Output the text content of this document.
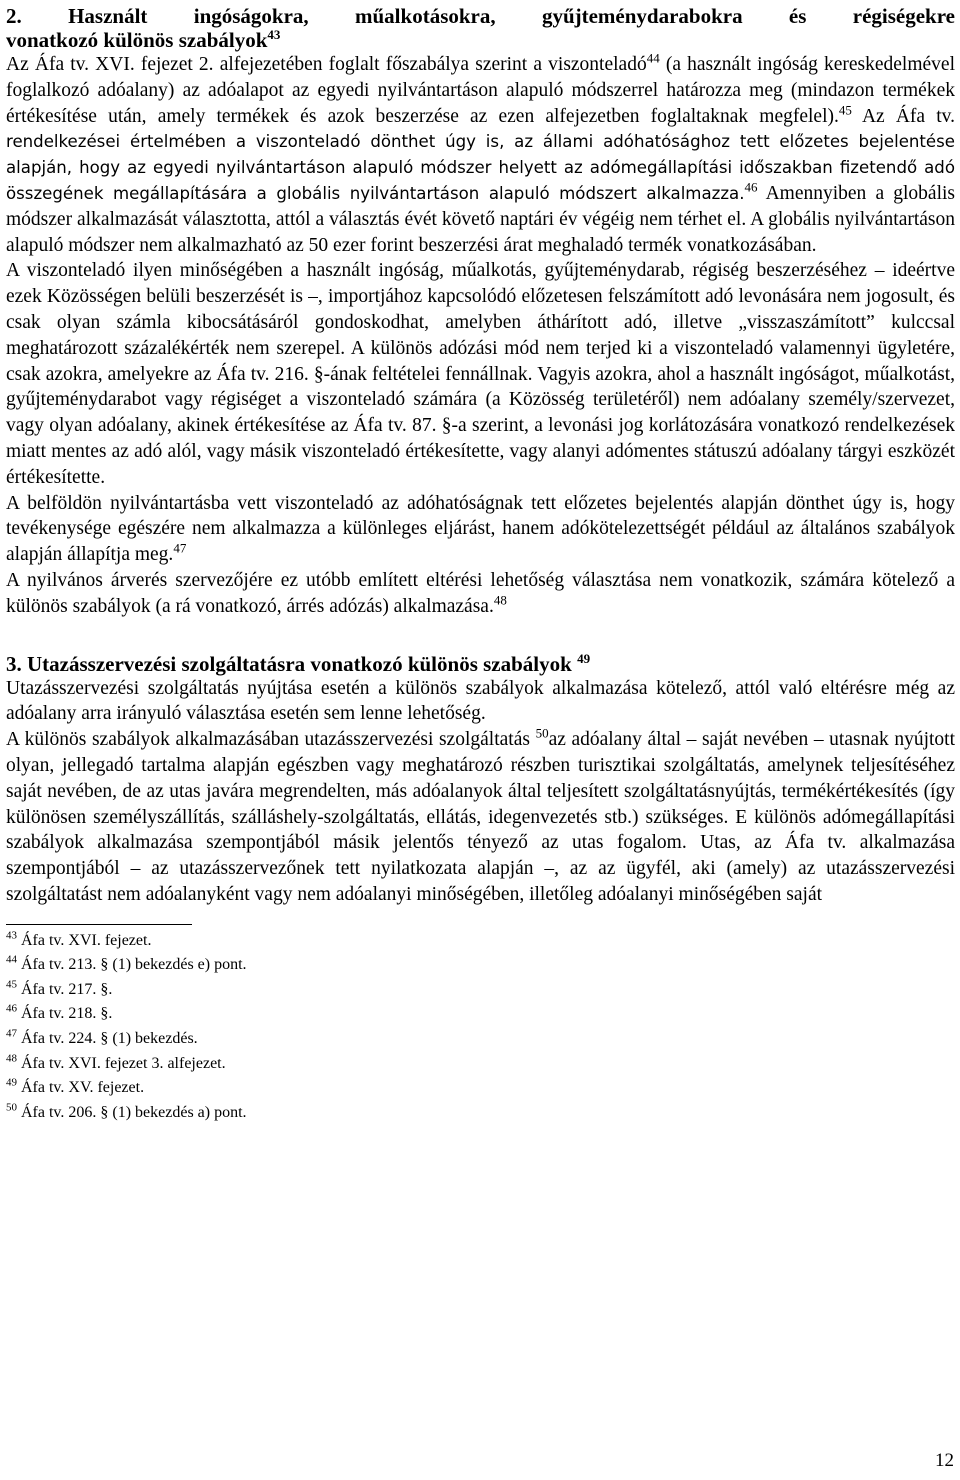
2. Használt ingóságokra, műalkotásokra, gyűjteménydarabokra és régiségekre
vonatkozó különös szabályok$^{43}$

Az Áfa tv. XVI. fejezet 2. alfejezetében foglalt főszabálya szerint a viszonteladó$^{44}$ (a használt ingóság kereskedelmével foglalkozó adóalany) az adóalapot az egyedi nyilvántartáson alapuló módszerrel határozza meg (mindazon termékek értékesítése után, amely termékek és azok beszerzése az ezen alfejezetben foglaltaknak megfelel).$^{45}$ Az Áfa tv. rendelkezései értelmében a viszonteladó dönthet úgy is, az állami adóhatósághoz tett előzetes bejelentése alapján, hogy az egyedi nyilvántartáson alapuló módszer helyett az adómegállapítási időszakban fizetendő adó összegének megállapítására a globális nyilvántartáson alapuló módszert alkalmazza.$^{46}$ Amennyiben a globális módszer alkalmazását választotta, attól a választás évét követő naptári év végéig nem térhet el. A globális nyilvántartáson alapuló módszer nem alkalmazható az 50 ezer forint beszerzési árat meghaladó termék vonatkozásában.

A viszonteladó ilyen minőségében a használt ingóság, műalkotás, gyűjteménydarab, régiség beszerzéséhez – ideértve ezek Közösségen belüli beszerzését is –, importjához kapcsolódó előzetesen felszámított adó levonására nem jogosult, és csak olyan számla kibocsátásáról gondoskodhat, amelyben áthárított adó, illetve „visszaszámított” kulccsal meghatározott százalékérték nem szerepel. A különös adózási mód nem terjed ki a viszonteladó valamennyi ügyletére, csak azokra, amelyekre az Áfa tv. 216. §-ának feltételei fennállnak. Vagyis azokra, ahol a használt ingóságot, műalkotást, gyűjteménydarabot vagy régiséget a viszonteladó számára (a Közösség területéről) nem adóalany személy/szervezet, vagy olyan adóalany, akinek értékesítése az Áfa tv. 87. §-a szerint, a levonási jog korlátozására vonatkozó rendelkezések miatt mentes az adó alól, vagy másik viszonteladó értékesítette, vagy alanyi adómentes státuszú adóalany tárgyi eszközét értékesítette.

A belföldön nyilvántartásba vett viszonteladó az adóhatóságnak tett előzetes bejelentés alapján dönthet úgy is, hogy tevékenysége egészére nem alkalmazza a különleges eljárást, hanem adókötelezettségét például az általános szabályok alapján állapítja meg.$^{47}$

A nyilvános árverés szervezőjére ez utóbb említett eltérési lehetőség választása nem vonatkozik, számára kötelező a különös szabályok (a rá vonatkozó, árrés adózás) alkalmazása.$^{48}$

3. Utazásszervezési szolgáltatásra vonatkozó különös szabályok $^{49}$

Utazásszervezési szolgáltatás nyújtása esetén a különös szabályok alkalmazása kötelező, attól való eltérésre még az adóalany arra irányuló választása esetén sem lenne lehetőség.

A különös szabályok alkalmazásában utazásszervezési szolgáltatás $^{50}$az adóalany által – saját nevében – utasnak nyújtott olyan, jellegadó tartalma alapján egészben vagy meghatározó részben turisztikai szolgáltatás, amelynek teljesítéséhez saját nevében, de az utas javára megrendelten, más adóalanyok által teljesített szolgáltatásnyújtás, termékértékesítés (így különösen személyszállítás, szálláshely-szolgáltatás, ellátás, idegenvezetés stb.) szükséges. E különös adómegállapítási szabályok alkalmazása szempontjából másik jelentős tényező az utas fogalom. Utas, az Áfa tv. alkalmazása szempontjából – az utazásszervezőnek tett nyilatkozata alapján –, az az ügyfél, aki (amely) az utazásszervezési szolgáltatást nem adóalanyként vagy nem adóalanyi minőségében, illetőleg adóalanyi minőségében saját

$^{43}$ Áfa tv. XVI. fejezet.

$^{44}$ Áfa tv. 213. § (1) bekezdés e) pont.

$^{45}$ Áfa tv. 217. §.

$^{46}$ Áfa tv. 218. §.

$^{47}$ Áfa tv. 224. § (1) bekezdés.

$^{48}$ Áfa tv. XVI. fejezet 3. alfejezet.

$^{49}$ Áfa tv. XV. fejezet.

$^{50}$ Áfa tv. 206. § (1) bekezdés a) pont.

12
